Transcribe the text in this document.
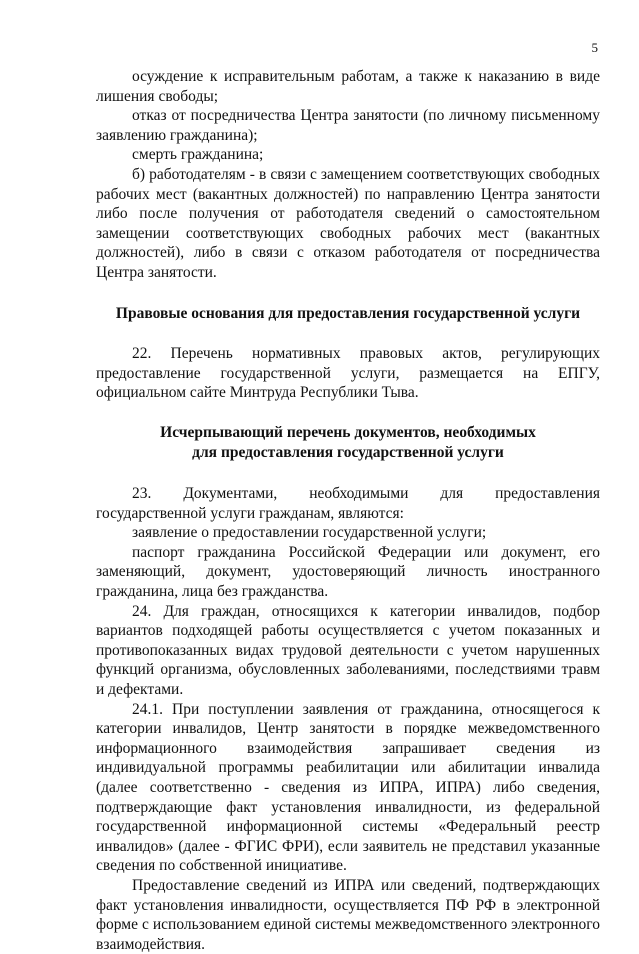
5

осуждение к исправительным работам, а также к наказанию в виде лишения свободы;

отказ от посредничества Центра занятости (по личному письменному заявлению гражданина);

смерть гражданина;

б) работодателям - в связи с замещением соответствующих свободных рабочих мест (вакантных должностей) по направлению Центра занятости либо после получения от работодателя сведений о самостоятельном замещении соответствующих свободных рабочих мест (вакантных должностей), либо в связи с отказом работодателя от посредничества Центра занятости.

Правовые основания для предоставления государственной услуги

22. Перечень нормативных правовых актов, регулирующих предоставление государственной услуги, размещается на ЕПГУ, официальном сайте Минтруда Республики Тыва.

Исчерпывающий перечень документов, необходимых
для предоставления государственной услуги

23. Документами, необходимыми для предоставления государственной услуги гражданам, являются:

заявление о предоставлении государственной услуги;

паспорт гражданина Российской Федерации или документ, его заменяющий, документ, удостоверяющий личность иностранного гражданина, лица без гражданства.

24. Для граждан, относящихся к категории инвалидов, подбор вариантов подходящей работы осуществляется с учетом показанных и противопоказанных видах трудовой деятельности с учетом нарушенных функций организма, обусловленных заболеваниями, последствиями травм и дефектами.

24.1. При поступлении заявления от гражданина, относящегося к категории инвалидов, Центр занятости в порядке межведомственного информационного взаимодействия запрашивает сведения из индивидуальной программы реабилитации или абилитации инвалида (далее соответственно - сведения из ИПРА, ИПРА) либо сведения, подтверждающие факт установления инвалидности, из федеральной государственной информационной системы «Федеральный реестр инвалидов» (далее - ФГИС ФРИ), если заявитель не представил указанные сведения по собственной инициативе.

Предоставление сведений из ИПРА или сведений, подтверждающих факт установления инвалидности, осуществляется ПФ РФ в электронной форме с использованием единой системы межведомственного электронного взаимодействия.
